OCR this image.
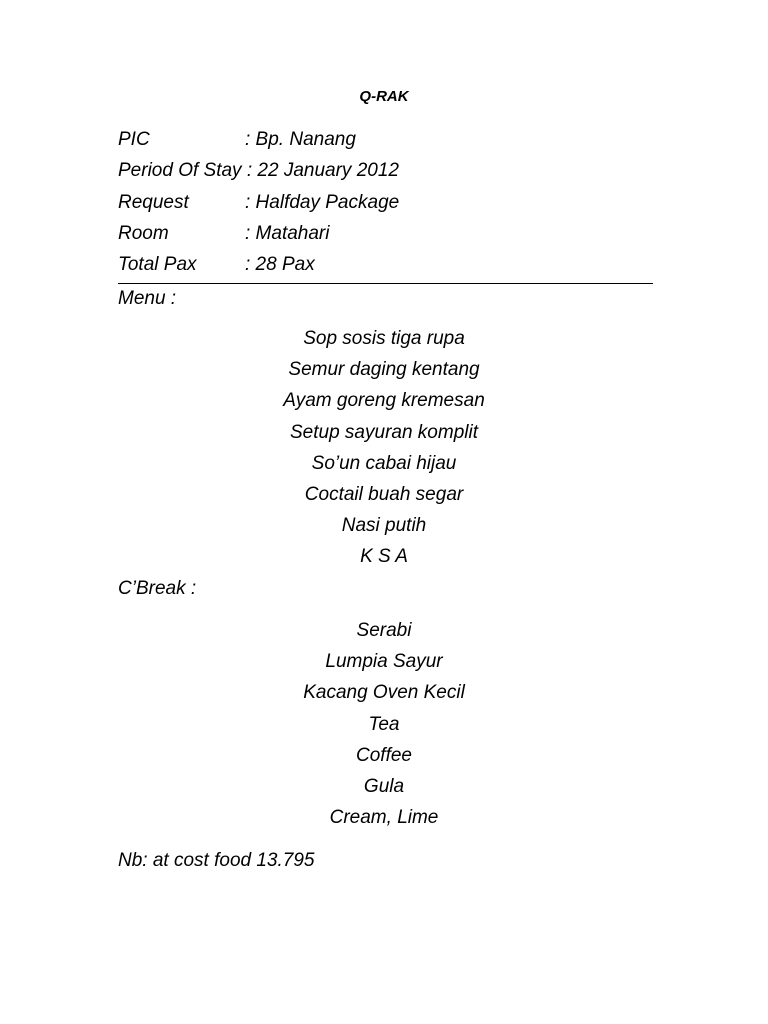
Q-RAK
PIC	: Bp. Nanang
Period Of Stay : 22 January 2012
Request	: Halfday Package
Room	: Matahari
Total Pax	: 28 Pax
Menu :
Sop sosis tiga rupa
Semur daging kentang
Ayam goreng kremesan
Setup sayuran komplit
So’un cabai hijau
Coctail buah segar
Nasi putih
K S A
C’Break :
Serabi
Lumpia Sayur
Kacang Oven Kecil
Tea
Coffee
Gula
Cream, Lime
Nb: at cost food 13.795
